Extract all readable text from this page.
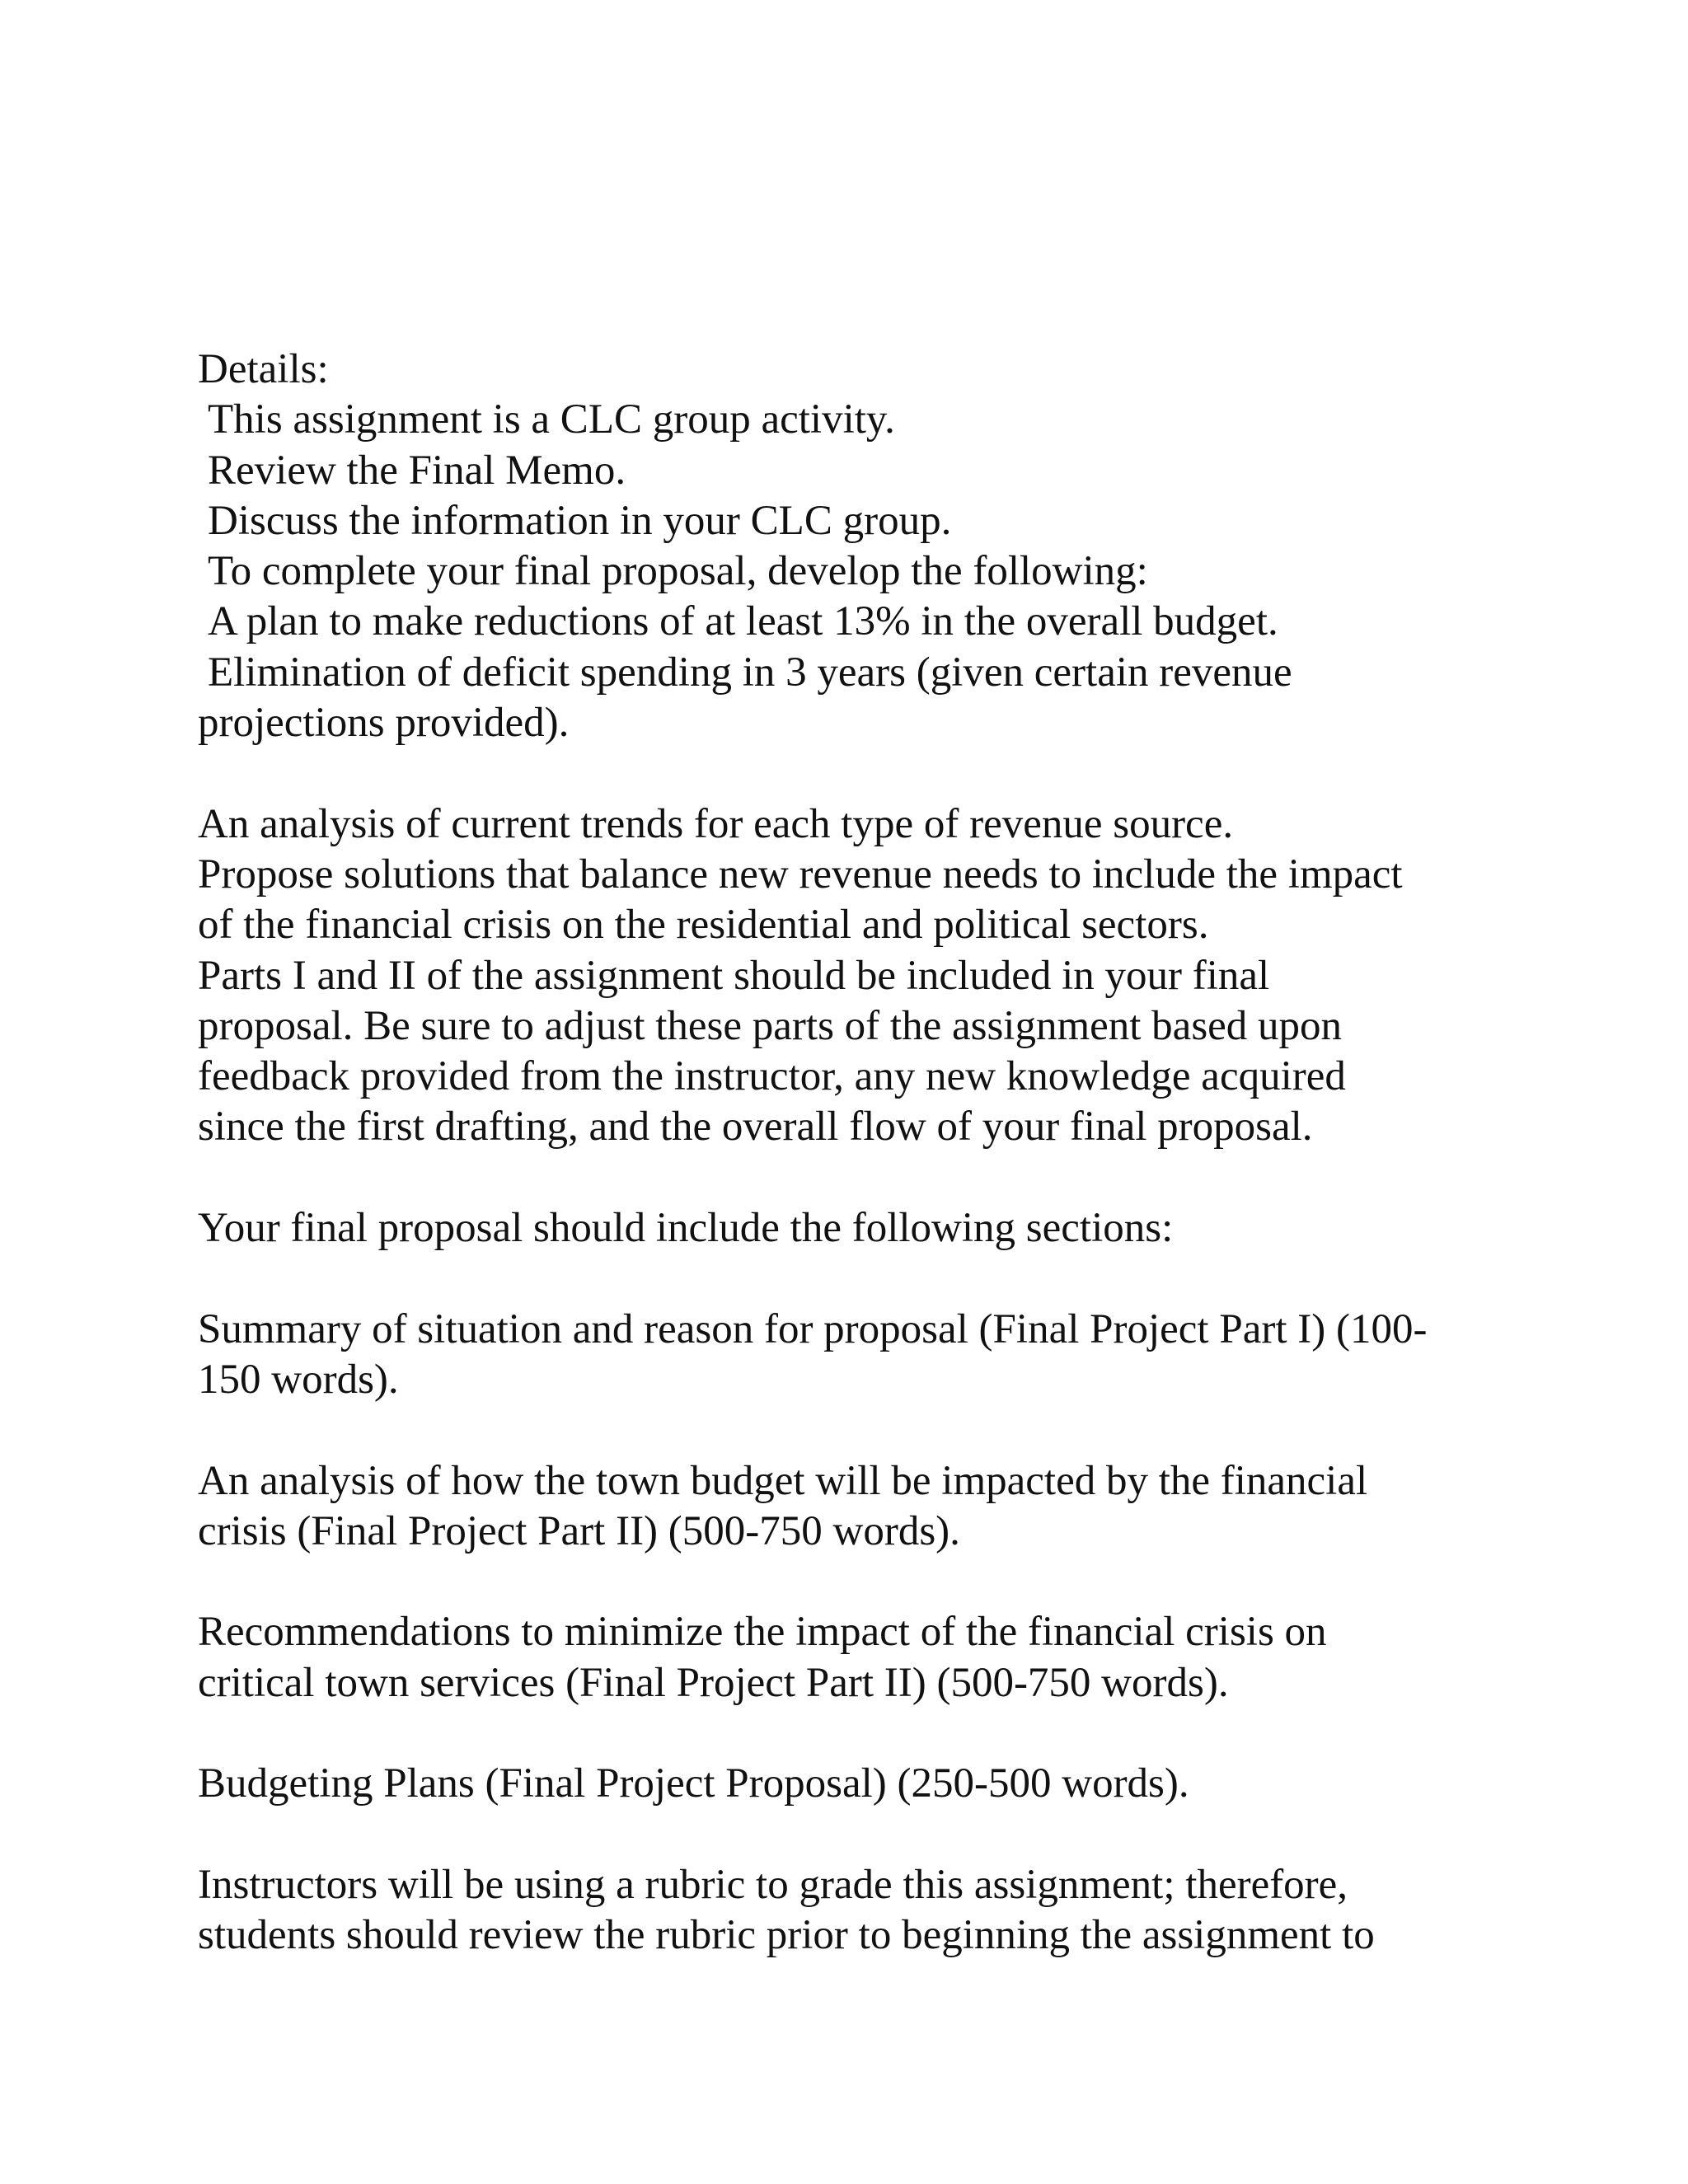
Details:
This assignment is a CLC group activity.
Review the Final Memo.
Discuss the information in your CLC group.
To complete your final proposal, develop the following:
A plan to make reductions of at least 13% in the overall budget.
Elimination of deficit spending in 3 years (given certain revenue
projections provided).
An analysis of current trends for each type of revenue source.
Propose solutions that balance new revenue needs to include the impact
of the financial crisis on the residential and political sectors.
Parts I and II of the assignment should be included in your final
proposal. Be sure to adjust these parts of the assignment based upon
feedback provided from the instructor, any new knowledge acquired
since the first drafting, and the overall flow of your final proposal.
Your final proposal should include the following sections:
Summary of situation and reason for proposal (Final Project Part I) (100-
150 words).
An analysis of how the town budget will be impacted by the financial
crisis (Final Project Part II) (500-750 words).
Recommendations to minimize the impact of the financial crisis on
critical town services (Final Project Part II) (500-750 words).
Budgeting Plans (Final Project Proposal) (250-500 words).
Instructors will be using a rubric to grade this assignment; therefore,
students should review the rubric prior to beginning the assignment to
